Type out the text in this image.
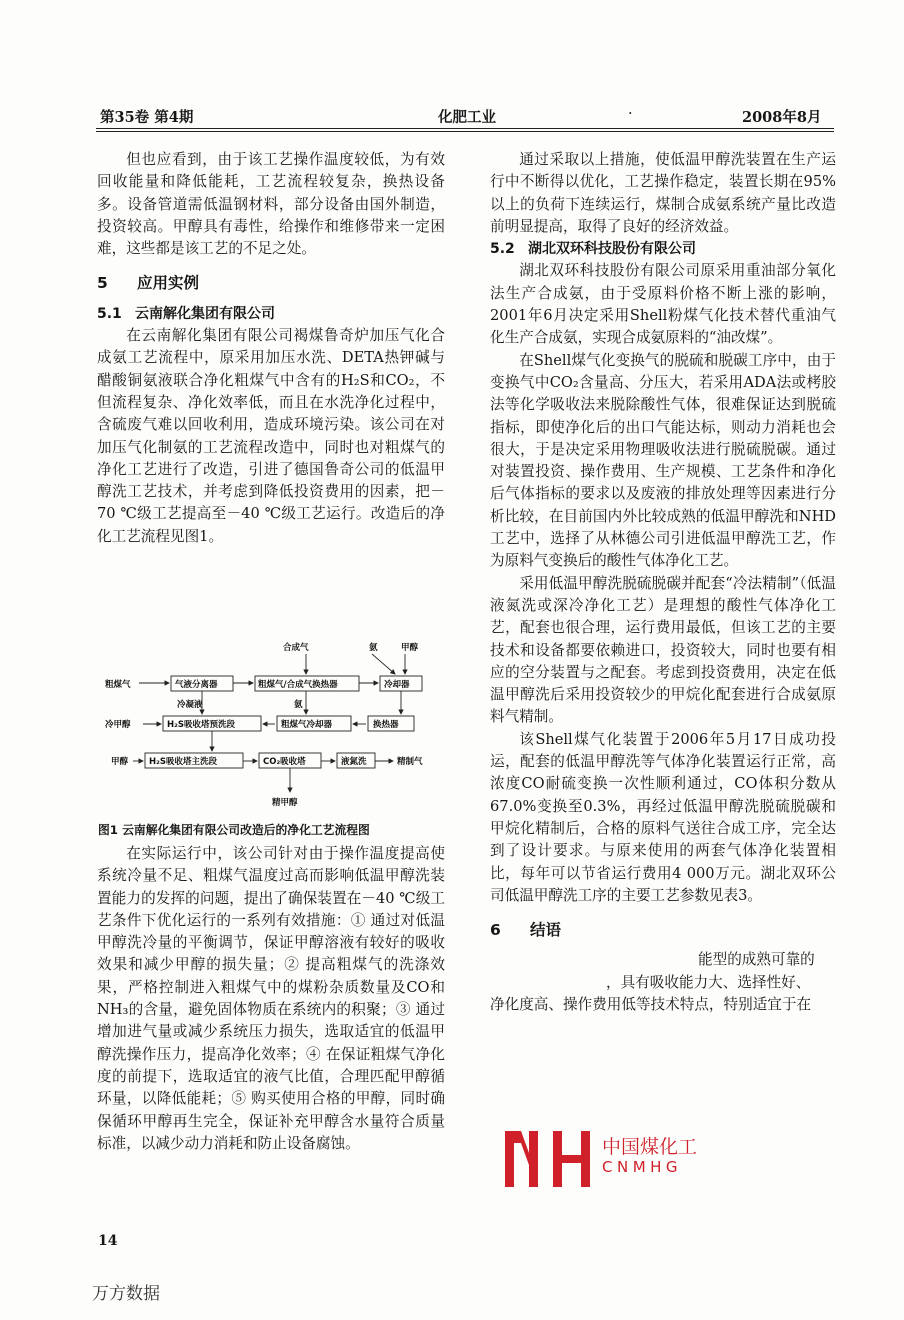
第35卷 第4期	化肥工业	·	2008年8月

但也应看到，由于该工艺操作温度较低，为有效回收能量和降低能耗，工艺流程较复杂，换热设备多。设备管道需低温钢材料，部分设备由国外制造，投资较高。甲醇具有毒性，给操作和维修带来一定困难，这些都是该工艺的不足之处。

5 应用实例
5.1 云南解化集团有限公司

在云南解化集团有限公司褐煤鲁奇炉加压气化合成氨工艺流程中，原采用加压水洗、DETA热钾碱与醋酸铜氨液联合净化粗煤气中含有的H₂S和CO₂，不但流程复杂、净化效率低，而且在水洗净化过程中，含硫废气难以回收利用，造成环境污染。该公司在对加压气化制氨的工艺流程改造中，同时也对粗煤气的净化工艺进行了改造，引进了德国鲁奇公司的低温甲醇洗工艺技术，并考虑到降低投资费用的因素，把－70 ℃级工艺提高至－40 ℃级工艺运行。改造后的净化工艺流程见图1。

合成气	氨	甲醇
粗煤气	气液分离器	粗煤气/合成气换热器	冷却器
冷凝液	氨
冷甲醇	H₂S吸收塔预洗段	粗煤气冷却器	换热器
甲醇 H₂S吸收塔主洗段	CO₂吸收塔	液氮洗	精制气
精甲醇
图1 云南解化集团有限公司改造后的净化工艺流程图

在实际运行中，该公司针对由于操作温度提高使系统冷量不足、粗煤气温度过高而影响低温甲醇洗装置能力的发挥的问题，提出了确保装置在－40 ℃级工艺条件下优化运行的一系列有效措施：① 通过对低温甲醇洗冷量的平衡调节，保证甲醇溶液有较好的吸收效果和减少甲醇的损失量；② 提高粗煤气的洗涤效果，严格控制进入粗煤气中的煤粉杂质数量及CO和NH₃的含量，避免固体物质在系统内的积聚；③ 通过增加进气量或减少系统压力损失，选取适宜的低温甲醇洗操作压力，提高净化效率；④ 在保证粗煤气净化度的前提下，选取适宜的液气比值，合理匹配甲醇循环量，以降低能耗；⑤ 购买使用合格的甲醇，同时确保循环甲醇再生完全，保证补充甲醇含水量符合质量标准，以减少动力消耗和防止设备腐蚀。

14

通过采取以上措施，使低温甲醇洗装置在生产运行中不断得以优化，工艺操作稳定，装置长期在95%以上的负荷下连续运行，煤制合成氨系统产量比改造前明显提高，取得了良好的经济效益。

5.2 湖北双环科技股份有限公司

湖北双环科技股份有限公司原采用重油部分氧化法生产合成氨，由于受原料价格不断上涨的影响，2001年6月决定采用Shell粉煤气化技术替代重油气化生产合成氨，实现合成氨原料的“油改煤”。

在Shell煤气化变换气的脱硫和脱碳工序中，由于变换气中CO₂含量高、分压大，若采用ADA法或栲胶法等化学吸收法来脱除酸性气体，很难保证达到脱硫指标，即使净化后的出口气能达标，则动力消耗也会很大，于是决定采用物理吸收法进行脱硫脱碳。通过对装置投资、操作费用、生产规模、工艺条件和净化后气体指标的要求以及废液的排放处理等因素进行分析比较，在目前国内外比较成熟的低温甲醇洗和NHD工艺中，选择了从林德公司引进低温甲醇洗工艺，作为原料气变换后的酸性气体净化工艺。

采用低温甲醇洗脱硫脱碳并配套“冷法精制”（低温液氮洗或深冷净化工艺）是理想的酸性气体净化工艺，配套也很合理，运行费用最低，但该工艺的主要技术和设备都要依赖进口，投资较大，同时也要有相应的空分装置与之配套。考虑到投资费用，决定在低温甲醇洗后采用投资较少的甲烷化配套进行合成氨原料气精制。

该Shell煤气化装置于2006年5月17日成功投运，配套的低温甲醇洗等气体净化装置运行正常，高浓度CO耐硫变换一次性顺利通过，CO体积分数从67.0%变换至0.3%，再经过低温甲醇洗脱硫脱碳和甲烷化精制后，合格的原料气送往合成工序，完全达到了设计要求。与原来使用的两套气体净化装置相比，每年可以节省运行费用4 000万元。湖北双环公司低温甲醇洗工序的主要工艺参数见表3。

6 结语

能型的成熟可靠的

，具有吸收能力大、选择性好、

净化度高、操作费用低等技术特点，特别适宜于在

中国煤化工
CNMHG
万方数据
